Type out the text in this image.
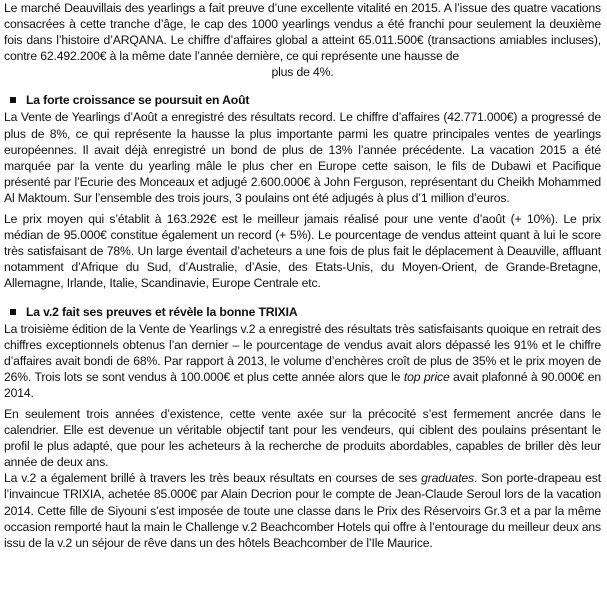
Le marché Deauvillais des yearlings a fait preuve d’une excellente vitalité en 2015. A l’issue des quatre vacations consacrées à cette tranche d’âge, le cap des 1000 yearlings vendus a été franchi pour seulement la deuxième fois dans l’histoire d’ARQANA. Le chiffre d’affaires global a atteint 65.011.500€ (transactions amiables incluses), contre 62.492.200€ à la même date l’année dernière, ce qui représente une hausse de

plus de 4%.

La forte croissance se poursuit en Août

La Vente de Yearlings d’Août a enregistré des résultats record. Le chiffre d’affaires (42.771.000€) a progressé de plus de 8%, ce qui représente la hausse la plus importante parmi les quatre principales ventes de yearlings européennes. Il avait déjà enregistré un bond de plus de 13% l’année précédente. La vacation 2015 a été marquée par la vente du yearling mâle le plus cher en Europe cette saison, le fils de Dubawi et Pacifique présenté par l’Ecurie des Monceaux et adjugé 2.600.000€ à John Ferguson, représentant du Cheikh Mohammed Al Maktoum. Sur l’ensemble des trois jours, 3 poulains ont été adjugés à plus d’1 million d’euros.

Le prix moyen qui s’établit à 163.292€ est le meilleur jamais réalisé pour une vente d’août (+ 10%). Le prix médian de 95.000€ constitue également un record (+ 5%). Le pourcentage de vendus atteint quant à lui le score très satisfaisant de 78%. Un large éventail d’acheteurs a une fois de plus fait le déplacement à Deauville, affluant notamment d’Afrique du Sud, d’Australie, d’Asie, des Etats-Unis, du Moyen-Orient, de Grande-Bretagne, Allemagne, Irlande, Italie, Scandinavie, Europe Centrale etc.

La v.2 fait ses preuves et révèle la bonne TRIXIA

La troisième édition de la Vente de Yearlings v.2 a enregistré des résultats très satisfaisants quoique en retrait des chiffres exceptionnels obtenus l’an dernier – le pourcentage de vendus avait alors dépassé les 91% et le chiffre d’affaires avait bondi de 68%. Par rapport à 2013, le volume d’enchères croît de plus de 35% et le prix moyen de 26%. Trois lots se sont vendus à 100.000€ et plus cette année alors que le top price avait plafonné à 90.000€ en 2014.

En seulement trois années d’existence, cette vente axée sur la précocité s’est fermement ancrée dans le calendrier. Elle est devenue un véritable objectif tant pour les vendeurs, qui ciblent des poulains présentant le profil le plus adapté, que pour les acheteurs à la recherche de produits abordables, capables de briller dès leur année de deux ans.

La v.2 a également brillé à travers les très beaux résultats en courses de ses graduates. Son porte-drapeau est l’invaincue TRIXIA, achetée 85.000€ par Alain Decrion pour le compte de Jean-Claude Seroul lors de la vacation 2014. Cette fille de Siyouni s’est imposée de toute une classe dans le Prix des Réservoirs Gr.3 et a par la même occasion remporté haut la main le Challenge v.2 Beachcomber Hotels qui offre à l’entourage du meilleur deux ans issu de la v.2 un séjour de rêve dans un des hôtels Beachcomber de l’Ile Maurice.
